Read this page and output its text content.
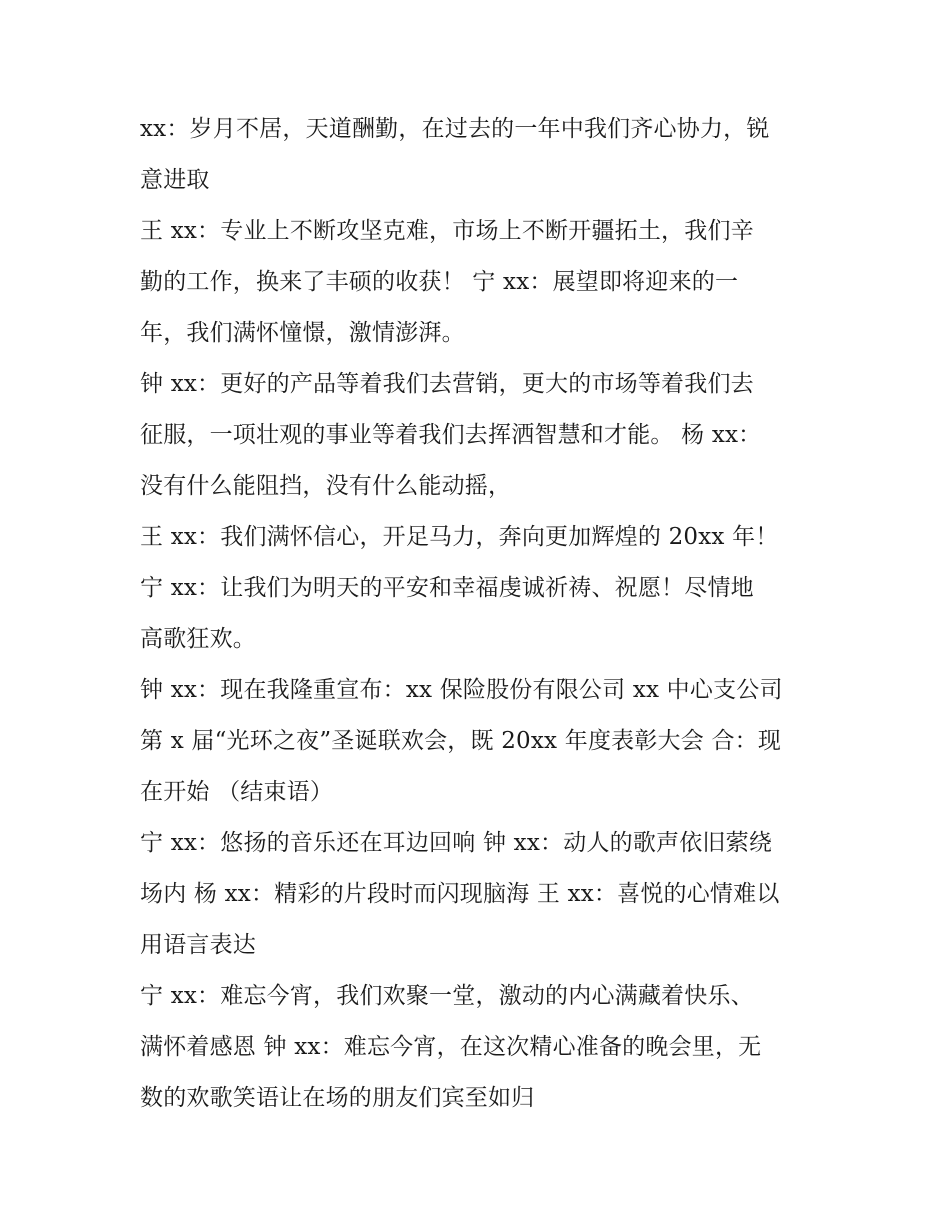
xx：岁月不居，天道酬勤，在过去的一年中我们齐心协力，锐
意进取
王 xx：专业上不断攻坚克难，市场上不断开疆拓土，我们辛
勤的工作，换来了丰硕的收获！ 宁 xx：展望即将迎来的一
年，我们满怀憧憬，激情澎湃。
钟 xx：更好的产品等着我们去营销，更大的市场等着我们去
征服，一项壮观的事业等着我们去挥洒智慧和才能。 杨 xx：
没有什么能阻挡，没有什么能动摇，
王 xx：我们满怀信心，开足马力，奔向更加辉煌的 20xx 年！
宁 xx：让我们为明天的平安和幸福虔诚祈祷、祝愿！尽情地
高歌狂欢。
钟 xx：现在我隆重宣布：xx 保险股份有限公司 xx 中心支公司
第 x 届“光环之夜”圣诞联欢会，既 20xx 年度表彰大会 合：现
在开始 （结束语）
宁 xx：悠扬的音乐还在耳边回响 钟 xx：动人的歌声依旧萦绕
场内 杨 xx：精彩的片段时而闪现脑海 王 xx：喜悦的心情难以
用语言表达
宁 xx：难忘今宵，我们欢聚一堂，激动的内心满藏着快乐、
满怀着感恩 钟 xx：难忘今宵，在这次精心准备的晚会里，无
数的欢歌笑语让在场的朋友们宾至如归
